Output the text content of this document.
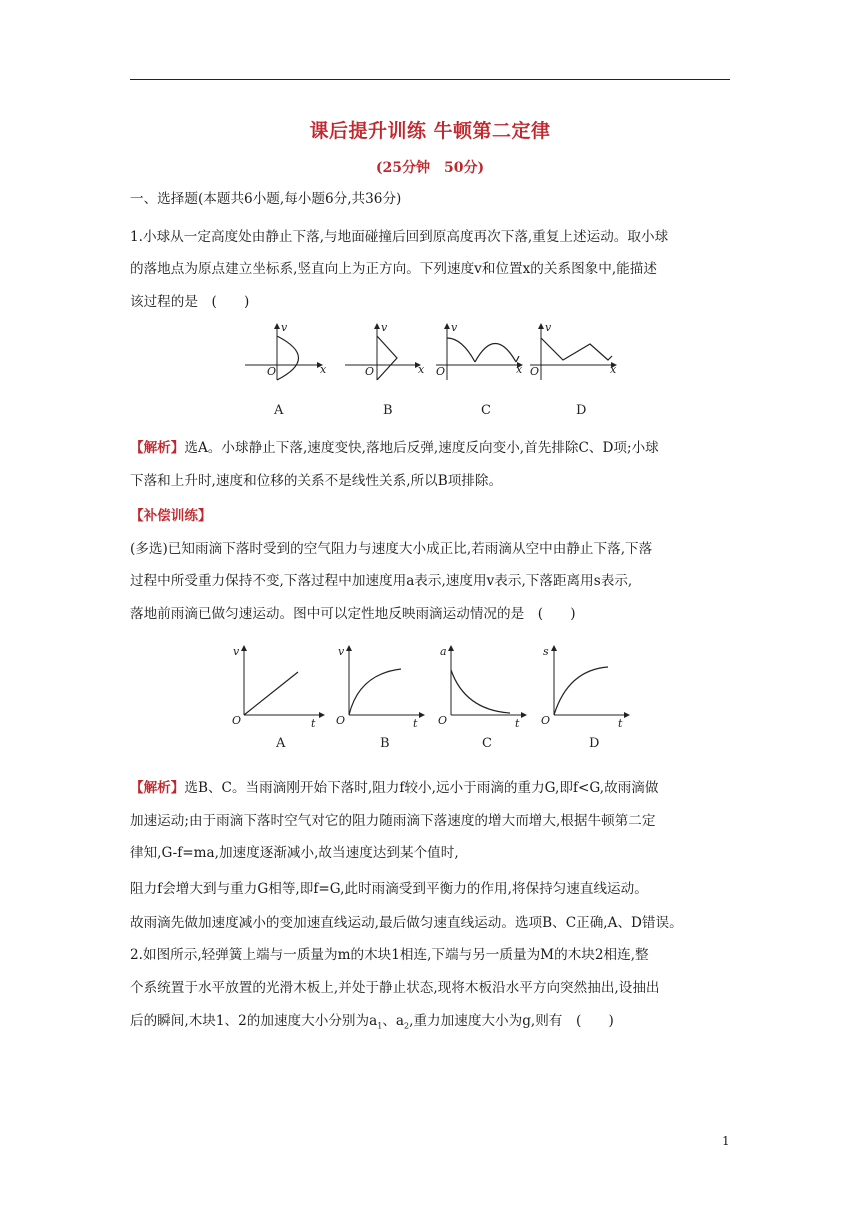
课后提升训练 牛顿第二定律
(25分钟　50分)
一、选择题(本题共6小题,每小题6分,共36分)
1.小球从一定高度处由静止下落,与地面碰撞后回到原高度再次下落,重复上述运动。取小球
的落地点为原点建立坐标系,竖直向上为正方向。下列速度v和位置x的关系图象中,能描述
该过程的是　(　　)
v
x
O
A
v
x
O
B
v
x
O
C
v
x
O
D
【解析】选A。小球静止下落,速度变快,落地后反弹,速度反向变小,首先排除C、D项;小球
下落和上升时,速度和位移的关系不是线性关系,所以B项排除。
【补偿训练】
(多选)已知雨滴下落时受到的空气阻力与速度大小成正比,若雨滴从空中由静止下落,下落
过程中所受重力保持不变,下落过程中加速度用a表示,速度用v表示,下落距离用s表示,
落地前雨滴已做匀速运动。图中可以定性地反映雨滴运动情况的是　(　　)
v
t
O
A
v
t
O
B
a
t
O
C
s
t
O
D
【解析】选B、C。当雨滴刚开始下落时,阻力f较小,远小于雨滴的重力G,即f<G,故雨滴做
加速运动;由于雨滴下落时空气对它的阻力随雨滴下落速度的增大而增大,根据牛顿第二定
律知,G-f=ma,加速度逐渐减小,故当速度达到某个值时,
阻力f会增大到与重力G相等,即f=G,此时雨滴受到平衡力的作用,将保持匀速直线运动。
故雨滴先做加速度减小的变加速直线运动,最后做匀速直线运动。选项B、C正确,A、D错误。
2.如图所示,轻弹簧上端与一质量为m的木块1相连,下端与另一质量为M的木块2相连,整
个系统置于水平放置的光滑木板上,并处于静止状态,现将木板沿水平方向突然抽出,设抽出
后的瞬间,木块1、2的加速度大小分别为$a_1$、$a_2$,重力加速度大小为g,则有　(　　)
1
